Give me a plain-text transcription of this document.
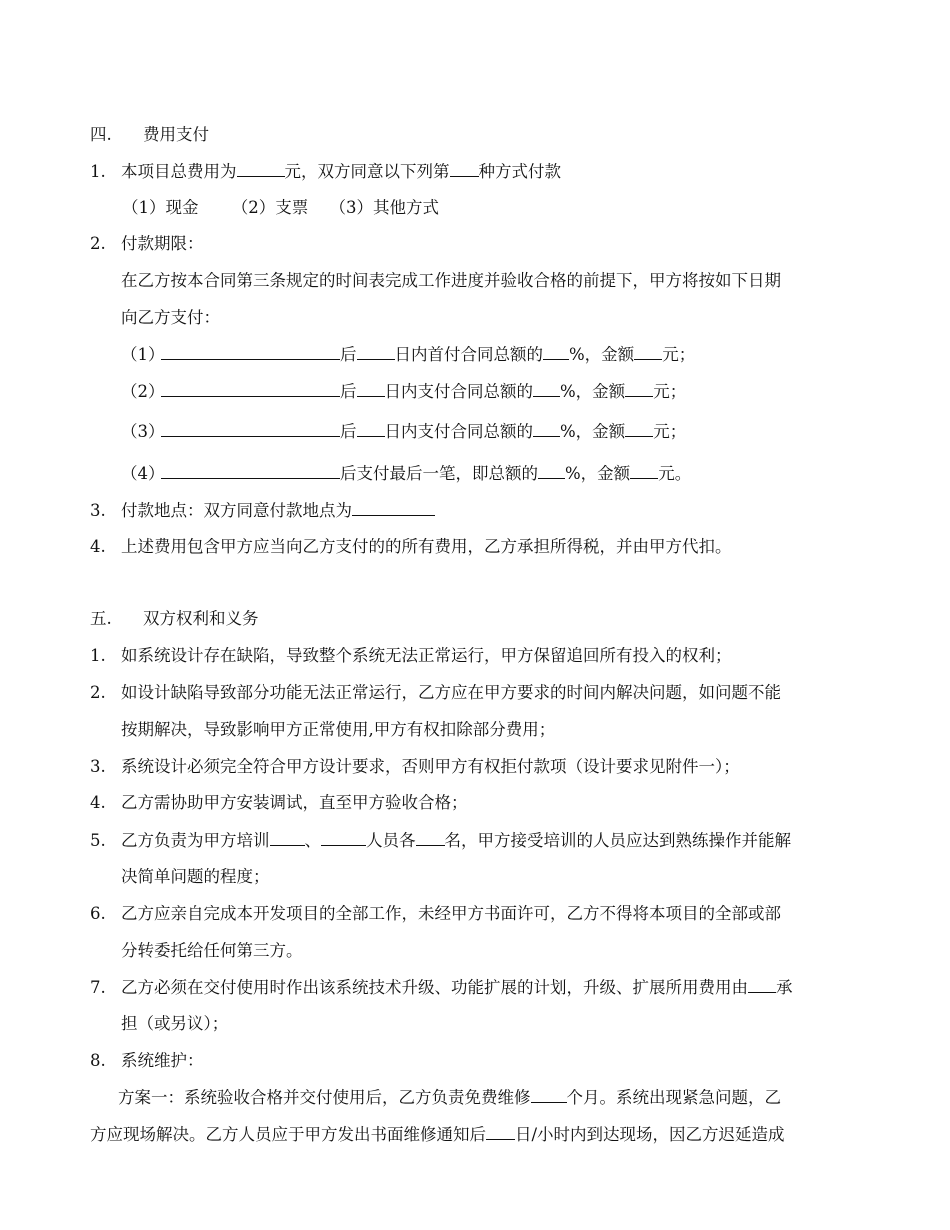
四. 费用支付
1. 本项目总费用为	元，双方同意以下列第 种方式付款
（1）现金 （2）支票 （3）其他方式
2. 付款期限：
在乙方按本合同第三条规定的时间表完成工作进度并验收合格的前提下，甲方将按如下日期
向乙方支付：
（1）	后 日内首付合同总额的 %，金额 元；
（2）	后 日内支付合同总额的 %，金额 元；
（3）	后 日内支付合同总额的 %，金额 元；
（4）	后支付最后一笔，即总额的 %，金额 元。
3. 付款地点：双方同意付款地点为
4. 上述费用包含甲方应当向乙方支付的的所有费用，乙方承担所得税，并由甲方代扣。
五. 双方权利和义务
1. 如系统设计存在缺陷，导致整个系统无法正常运行，甲方保留追回所有投入的权利；
2. 如设计缺陷导致部分功能无法正常运行，乙方应在甲方要求的时间内解决问题，如问题不能
按期解决，导致影响甲方正常使用,甲方有权扣除部分费用；
3. 系统设计必须完全符合甲方设计要求，否则甲方有权拒付款项（设计要求见附件一）；
4. 乙方需协助甲方安装调试，直至甲方验收合格；
5. 乙方负责为甲方培训 、	人员各 名，甲方接受培训的人员应达到熟练操作并能解
决简单问题的程度；
6. 乙方应亲自完成本开发项目的全部工作，未经甲方书面许可，乙方不得将本项目的全部或部
分转委托给任何第三方。
7. 乙方必须在交付使用时作出该系统技术升级、功能扩展的计划，升级、扩展所用费用由 承
担（或另议）；
8. 系统维护：
方案一：系统验收合格并交付使用后，乙方负责免费维修 个月。系统出现紧急问题，乙
方应现场解决。乙方人员应于甲方发出书面维修通知后 日/小时内到达现场，因乙方迟延造成
